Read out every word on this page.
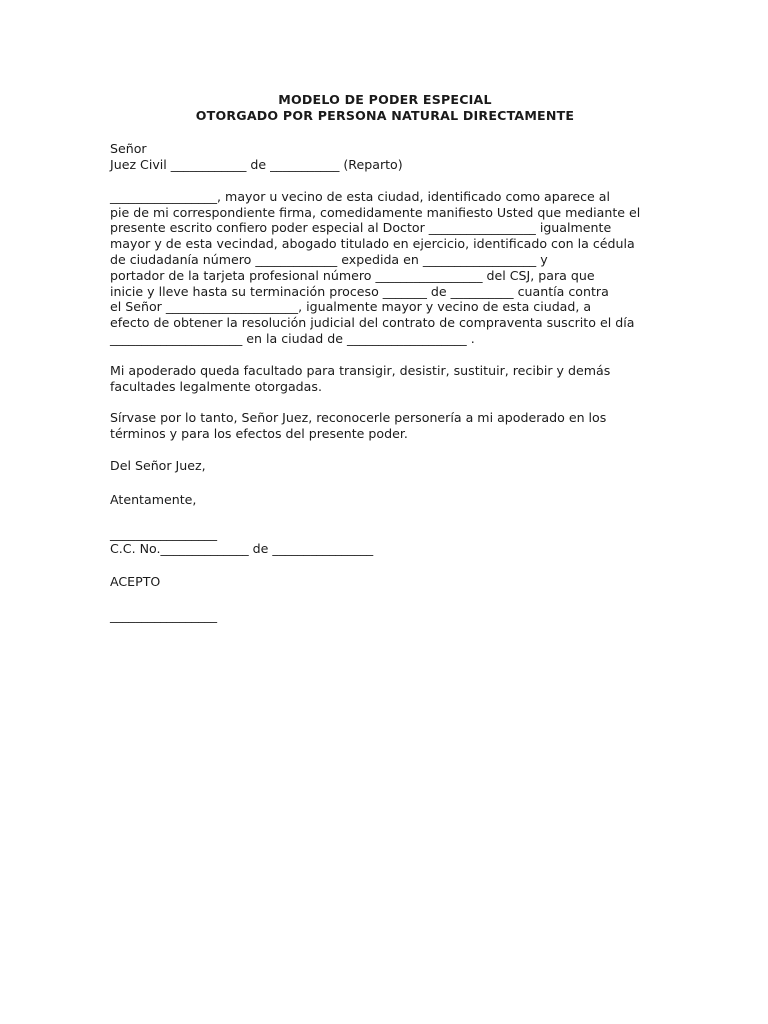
MODELO DE PODER ESPECIAL

OTORGADO POR PERSONA NATURAL DIRECTAMENTE

Señor

Juez Civil ____________ de ___________ (Reparto)

_________________, mayor u vecino de esta ciudad, identificado como aparece al

pie de mi correspondiente firma, comedidamente manifiesto Usted que mediante el

presente escrito confiero poder especial al Doctor _________________ igualmente

mayor y de esta vecindad, abogado titulado en ejercicio, identificado con la cédula

de ciudadanía número _____________ expedida en __________________ y

portador de la tarjeta profesional número _________________ del CSJ, para que

inicie y lleve hasta su terminación proceso _______ de __________ cuantía contra

el Señor _____________________, igualmente mayor y vecino de esta ciudad, a

efecto de obtener la resolución judicial del contrato de compraventa suscrito el día

_____________________ en la ciudad de ___________________ .

Mi apoderado queda facultado para transigir, desistir, sustituir, recibir y demás

facultades legalmente otorgadas.

Sírvase por lo tanto, Señor Juez, reconocerle personería a mi apoderado en los

términos y para los efectos del presente poder.

Del Señor Juez,

Atentamente,

_________________

C.C. No.______________ de ________________

ACEPTO

_________________
